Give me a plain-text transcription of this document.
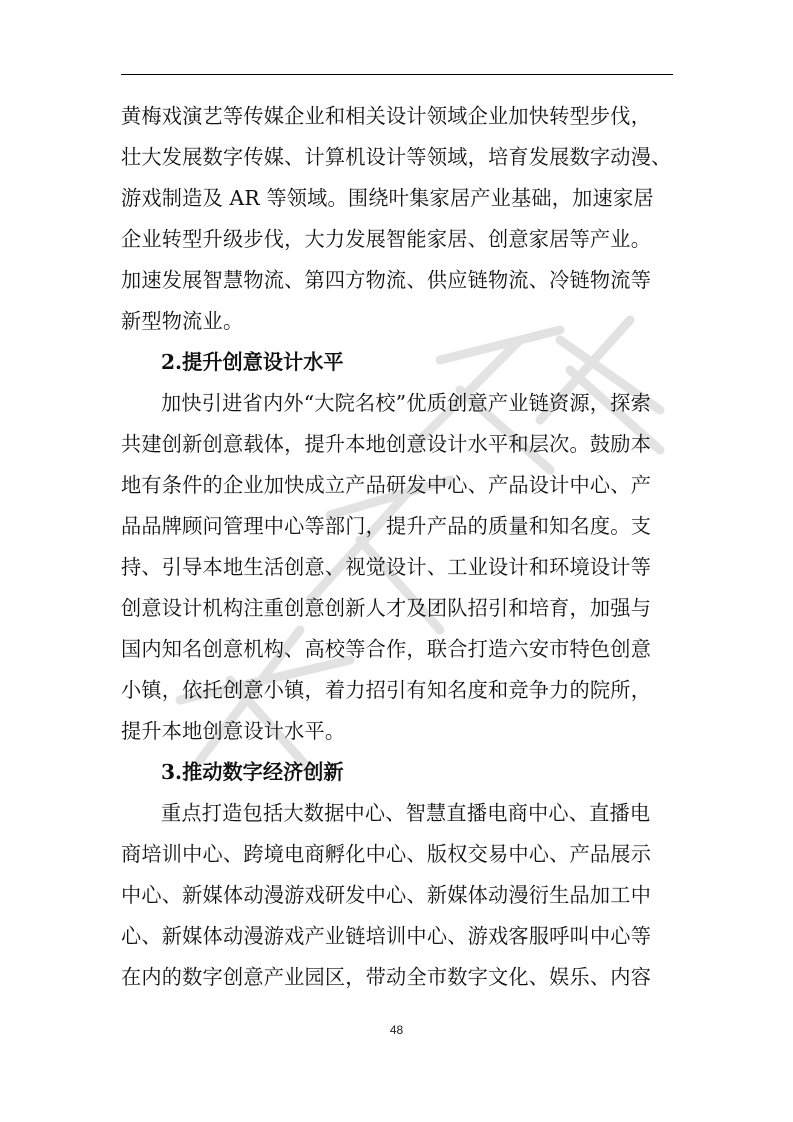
黄梅戏演艺等传媒企业和相关设计领域企业加快转型步伐，
壮大发展数字传媒、计算机设计等领域，培育发展数字动漫、
游戏制造及 AR 等领域。围绕叶集家居产业基础，加速家居
企业转型升级步伐，大力发展智能家居、创意家居等产业。
加速发展智慧物流、第四方物流、供应链物流、冷链物流等
新型物流业。

2.提升创意设计水平

加快引进省内外“大院名校”优质创意产业链资源，探索
共建创新创意载体，提升本地创意设计水平和层次。鼓励本
地有条件的企业加快成立产品研发中心、产品设计中心、产
品品牌顾问管理中心等部门，提升产品的质量和知名度。支
持、引导本地生活创意、视觉设计、工业设计和环境设计等
创意设计机构注重创意创新人才及团队招引和培育，加强与
国内知名创意机构、高校等合作，联合打造六安市特色创意
小镇，依托创意小镇，着力招引有知名度和竞争力的院所，
提升本地创意设计水平。

3.推动数字经济创新

重点打造包括大数据中心、智慧直播电商中心、直播电
商培训中心、跨境电商孵化中心、版权交易中心、产品展示
中心、新媒体动漫游戏研发中心、新媒体动漫衍生品加工中
心、新媒体动漫游戏产业链培训中心、游戏客服呼叫中心等
在内的数字创意产业园区，带动全市数字文化、娱乐、内容

48
